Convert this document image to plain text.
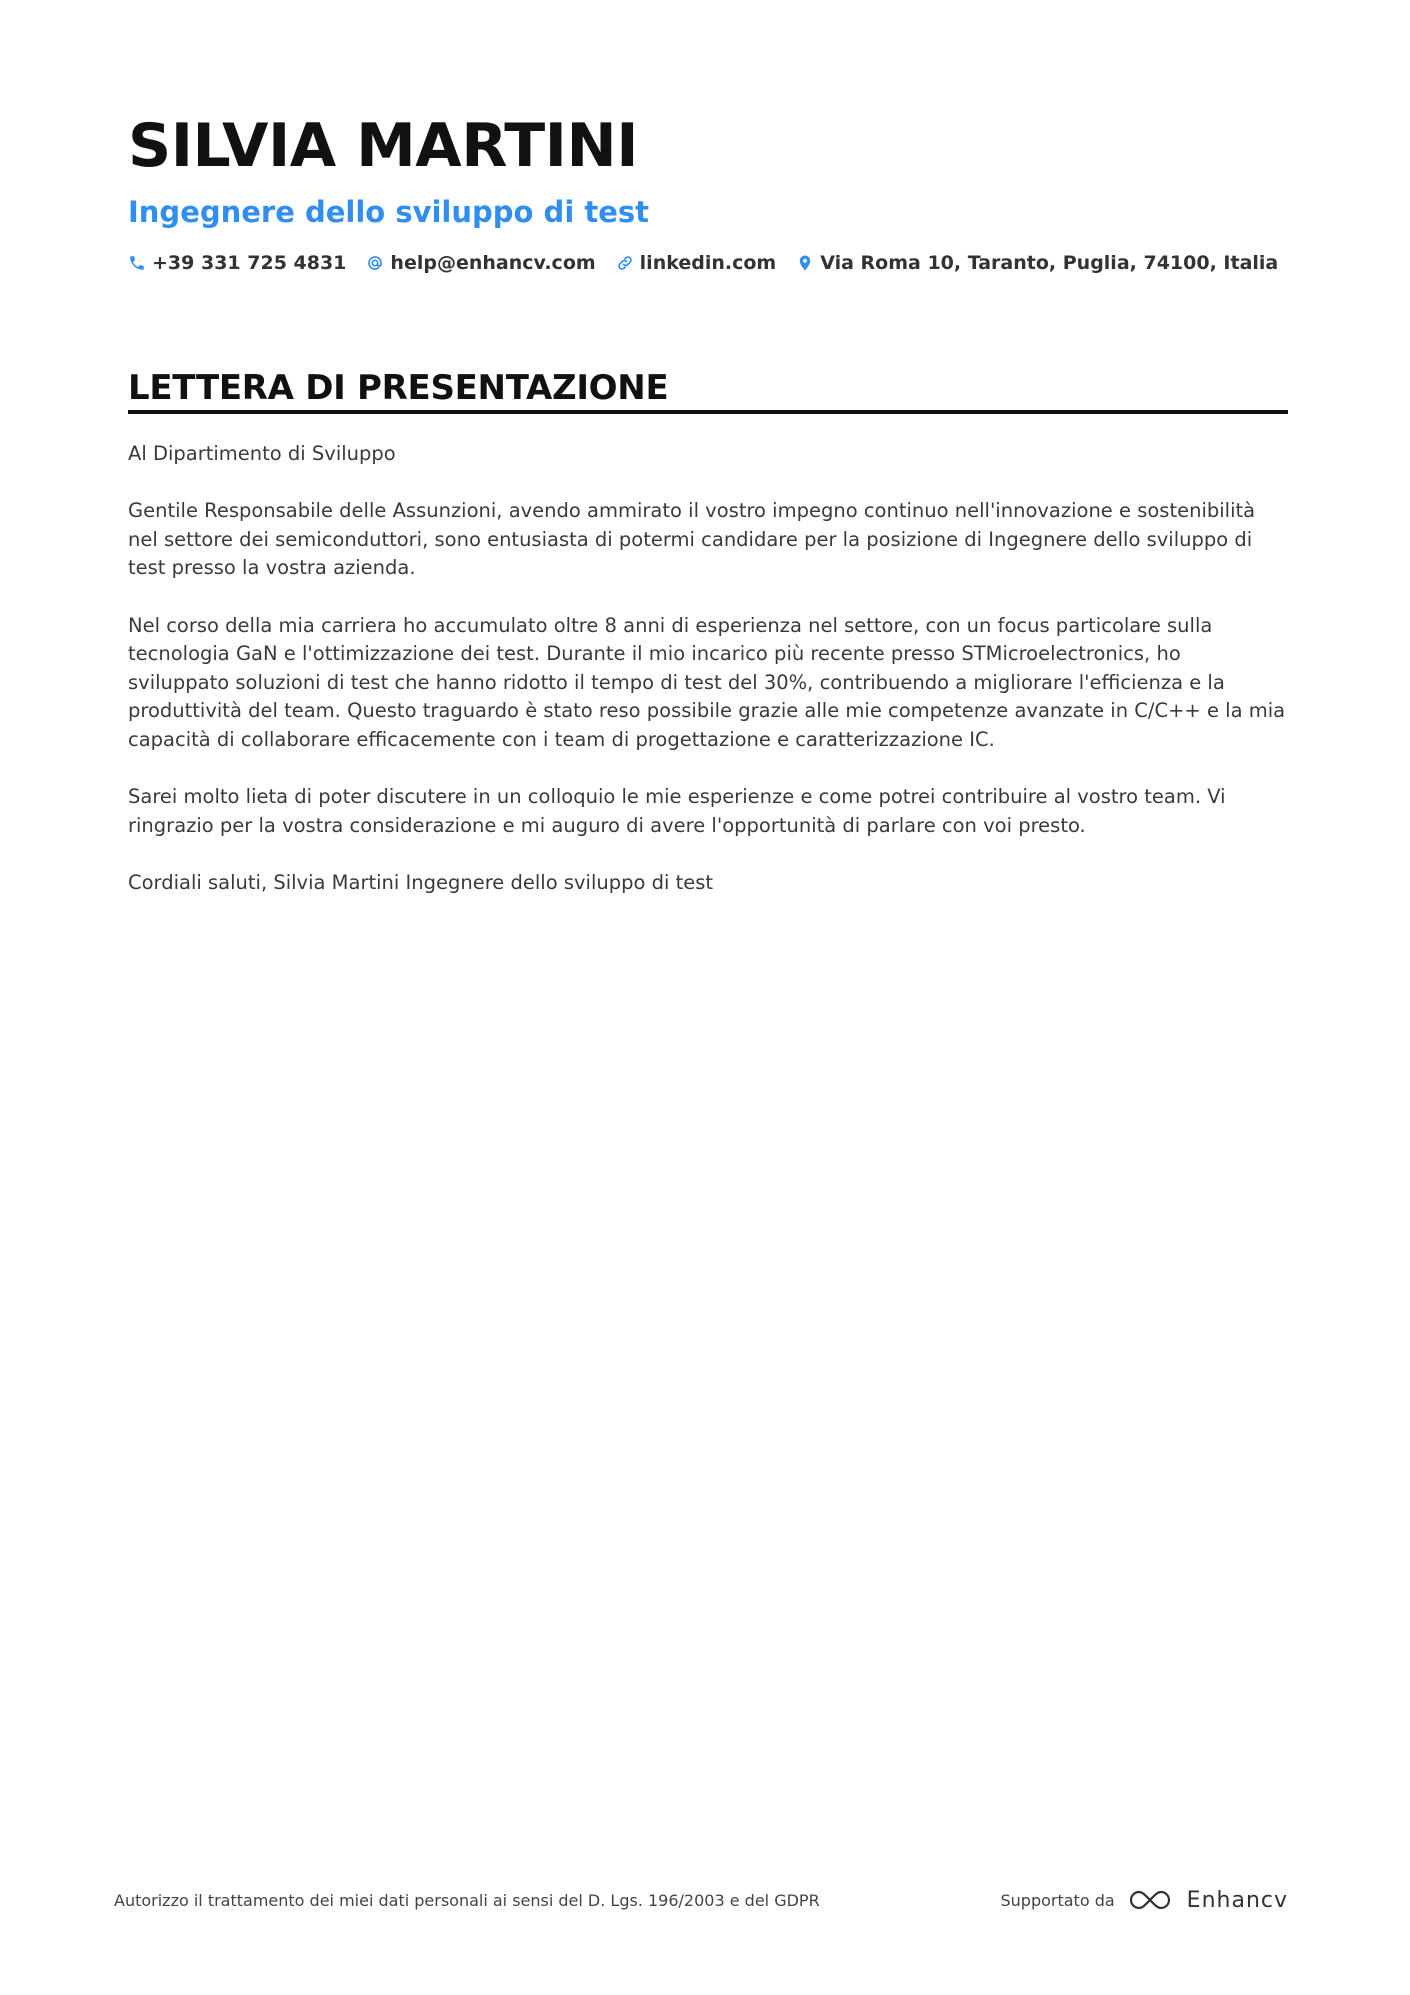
SILVIA MARTINI
Ingegnere dello sviluppo di test
+39 331 725 4831 help@enhancv.com linkedin.com Via Roma 10, Taranto, Puglia, 74100, Italia
LETTERA DI PRESENTAZIONE

Al Dipartimento di Sviluppo

Gentile Responsabile delle Assunzioni, avendo ammirato il vostro impegno continuo nell'innovazione e sostenibilità nel settore dei semiconduttori, sono entusiasta di potermi candidare per la posizione di Ingegnere dello sviluppo di test presso la vostra azienda.

Nel corso della mia carriera ho accumulato oltre 8 anni di esperienza nel settore, con un focus particolare sulla tecnologia GaN e l'ottimizzazione dei test. Durante il mio incarico più recente presso STMicroelectronics, ho sviluppato soluzioni di test che hanno ridotto il tempo di test del 30%, contribuendo a migliorare l'efficienza e la produttività del team. Questo traguardo è stato reso possibile grazie alle mie competenze avanzate in C/C++ e la mia capacità di collaborare efficacemente con i team di progettazione e caratterizzazione IC.

Sarei molto lieta di poter discutere in un colloquio le mie esperienze e come potrei contribuire al vostro team. Vi ringrazio per la vostra considerazione e mi auguro di avere l'opportunità di parlare con voi presto.

Cordiali saluti, Silvia Martini Ingegnere dello sviluppo di test

Autorizzo il trattamento dei miei dati personali ai sensi del D. Lgs. 196/2003 e del GDPR	Supportato da	Enhancv
